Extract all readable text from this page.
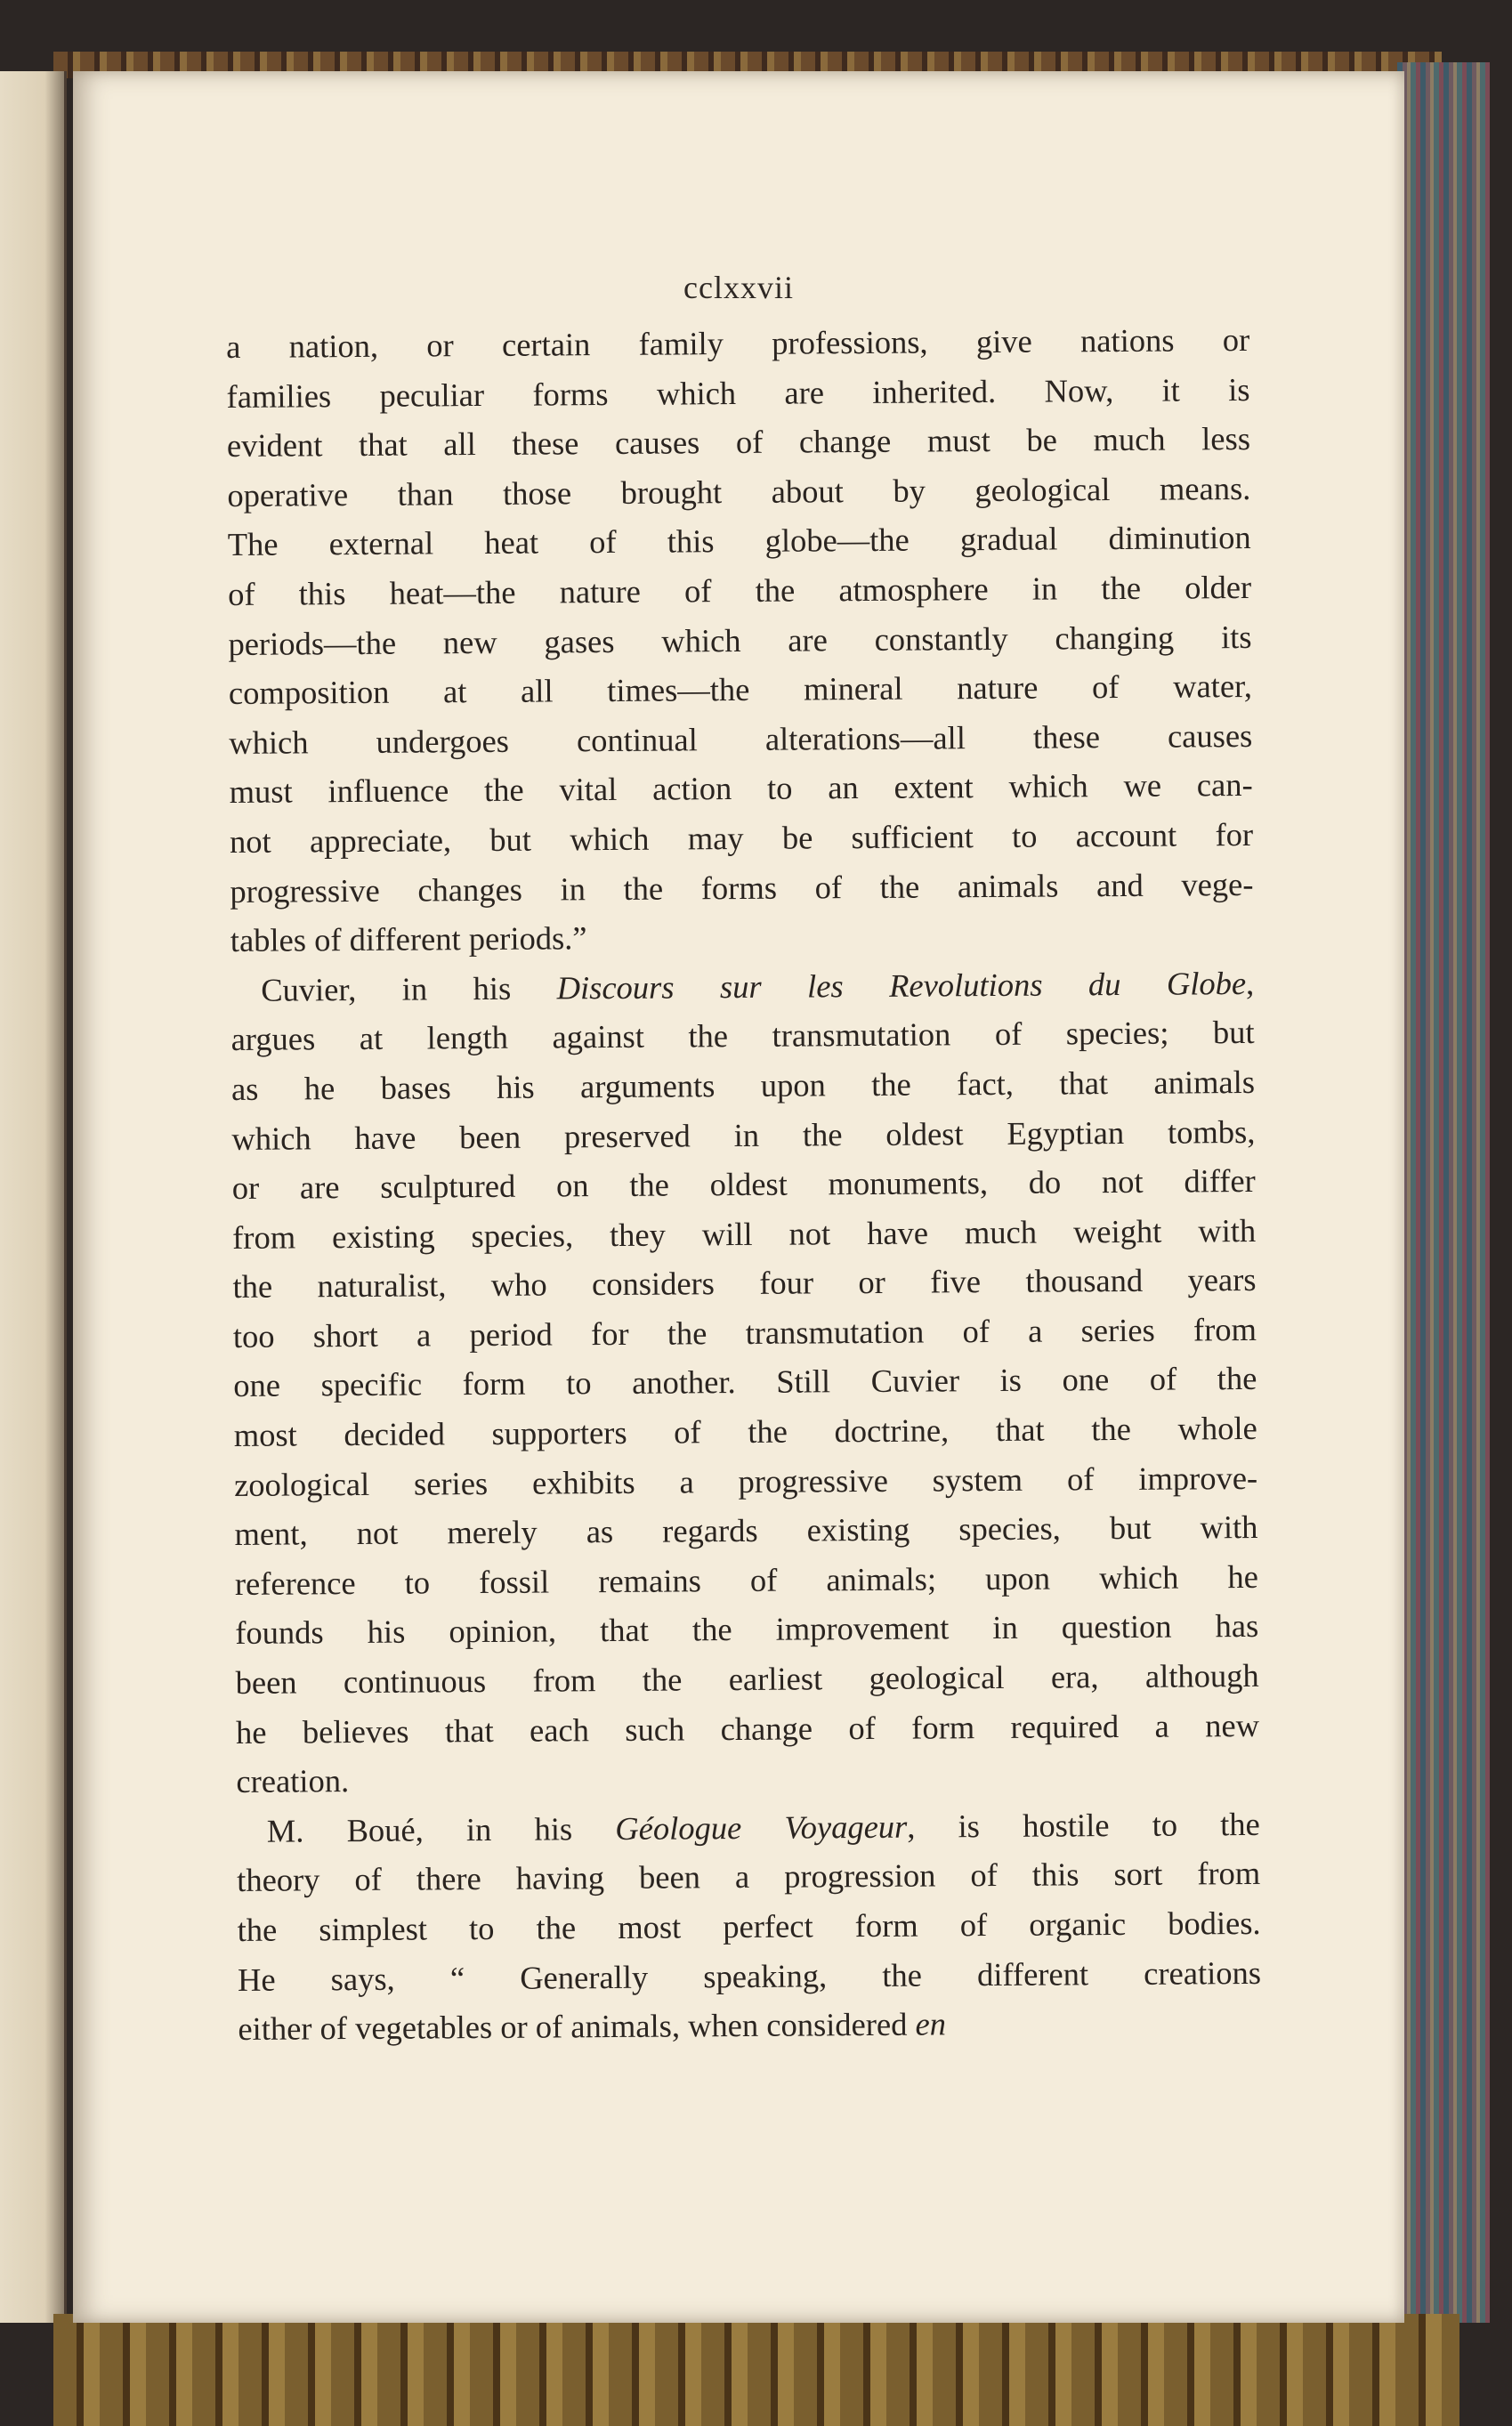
cclxxvii

a nation, or certain family professions, give nations or
families peculiar forms which are inherited. Now, it is
evident that all these causes of change must be much less
operative than those brought about by geological means.
The external heat of this globe—the gradual diminution
of this heat—the nature of the atmosphere in the older
periods—the new gases which are constantly changing its
composition at all times—the mineral nature of water,
which undergoes continual alterations—all these causes
must influence the vital action to an extent which we can-
not appreciate, but which may be sufficient to account for
progressive changes in the forms of the animals and vege-
tables of different periods.”
Cuvier, in his Discours sur les Revolutions du Globe,
argues at length against the transmutation of species; but
as he bases his arguments upon the fact, that animals
which have been preserved in the oldest Egyptian tombs,
or are sculptured on the oldest monuments, do not differ
from existing species, they will not have much weight with
the naturalist, who considers four or five thousand years
too short a period for the transmutation of a series from
one specific form to another. Still Cuvier is one of the
most decided supporters of the doctrine, that the whole
zoological series exhibits a progressive system of improve-
ment, not merely as regards existing species, but with
reference to fossil remains of animals; upon which he
founds his opinion, that the improvement in question has
been continuous from the earliest geological era, although
he believes that each such change of form required a new
creation.
M. Boué, in his Géologue Voyageur, is hostile to the
theory of there having been a progression of this sort from
the simplest to the most perfect form of organic bodies.
He says, “ Generally speaking, the different creations
either of vegetables or of animals, when considered en
